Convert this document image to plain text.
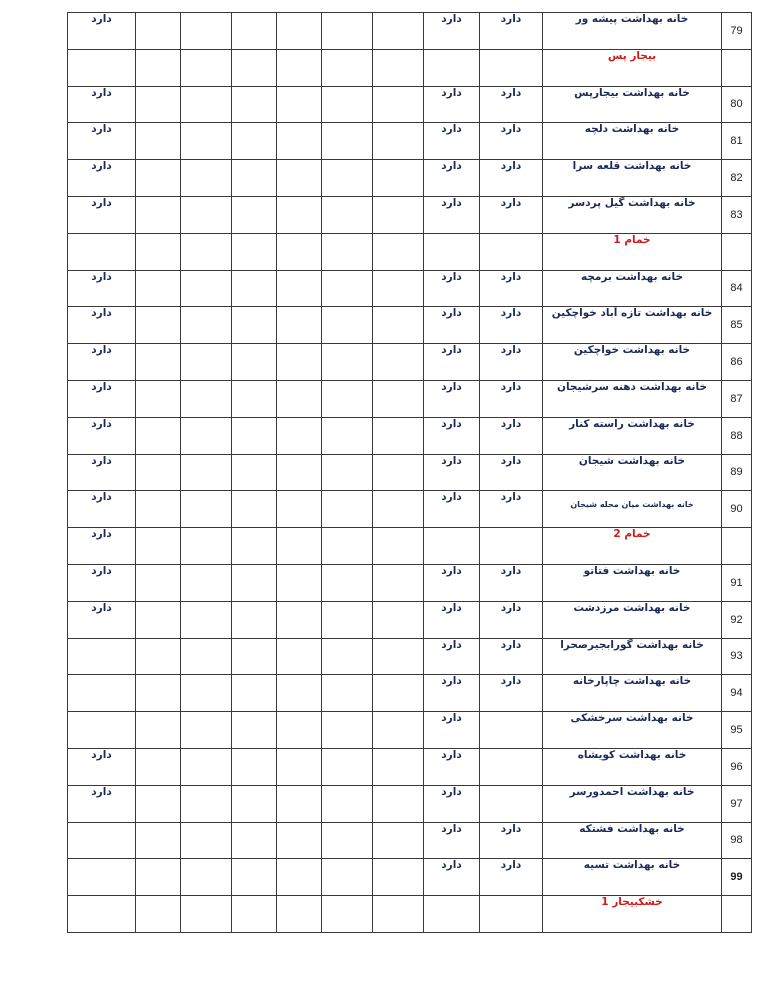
دارد							دارد	دارد	خانه بهداشت پیشه ور	79
									بیجار پس	
دارد							دارد	دارد	خانه بهداشت بیجارپس	80
دارد							دارد	دارد	خانه بهداشت دلچه	81
دارد							دارد	دارد	خانه بهداشت قلعه سرا	82
دارد							دارد	دارد	خانه بهداشت گیل پردسر	83
									خمام 1	
دارد							دارد	دارد	خانه بهداشت برمچه	84
دارد							دارد	دارد	خانه بهداشت تازه آباد خواچکین	85
دارد							دارد	دارد	خانه بهداشت خواچکین	86
دارد							دارد	دارد	خانه بهداشت دهنه سرشیجان	87
دارد							دارد	دارد	خانه بهداشت راسته کنار	88
دارد							دارد	دارد	خانه بهداشت شیجان	89
دارد							دارد	دارد	خانه بهداشت میان محله شیجان	90
دارد									خمام 2	
دارد							دارد	دارد	خانه بهداشت فتاتو	91
دارد							دارد	دارد	خانه بهداشت مرزدشت	92
							دارد	دارد	خانه بهداشت گورابجیرصحرا	93
							دارد	دارد	خانه بهداشت چاپارخانه	94
							دارد		خانه بهداشت سرخشکی	95
دارد							دارد		خانه بهداشت کویشاه	96
دارد							دارد		خانه بهداشت احمدورسر	97
							دارد	دارد	خانه بهداشت فشتکه	98
							دارد	دارد	خانه بهداشت تسیه	99
									خشکبیجار 1	
